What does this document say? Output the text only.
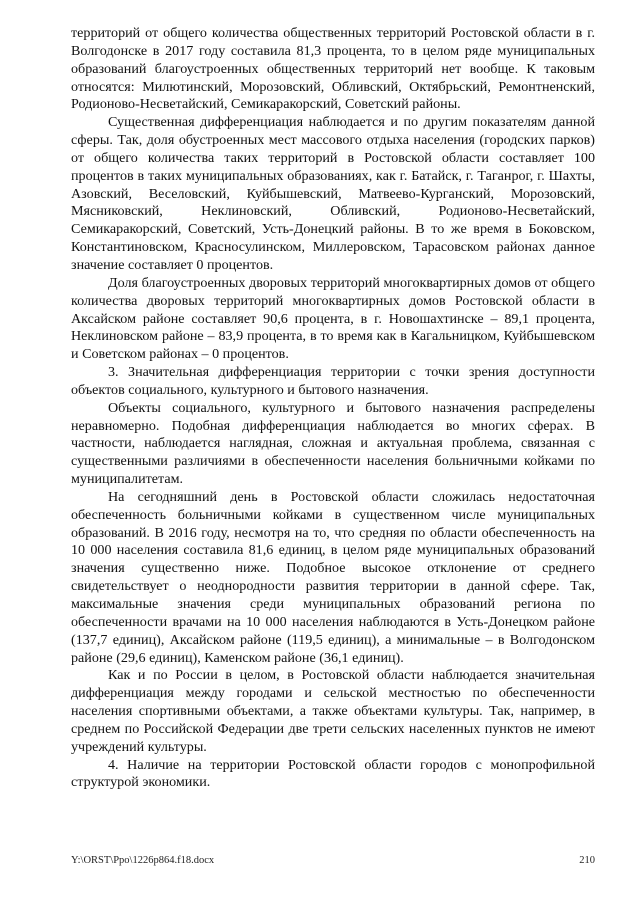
территорий от общего количества общественных территорий Ростовской области в г. Волгодонске в 2017 году составила 81,3 процента, то в целом ряде муниципальных образований благоустроенных общественных территорий нет вообще. К таковым относятся: Милютинский, Морозовский, Обливский, Октябрьский, Ремонтненский, Родионово-Несветайский, Семикаракорский, Советский районы.

Существенная дифференциация наблюдается и по другим показателям данной сферы. Так, доля обустроенных мест массового отдыха населения (городских парков) от общего количества таких территорий в Ростовской области составляет 100 процентов в таких муниципальных образованиях, как г. Батайск, г. Таганрог, г. Шахты, Азовский, Веселовский, Куйбышевский, Матвеево-Курганский, Морозовский, Мясниковский, Неклиновский, Обливский, Родионово-Несветайский, Семикаракорский, Советский, Усть-Донецкий районы. В то же время в Боковском, Константиновском, Красносулинском, Миллеровском, Тарасовском районах данное значение составляет 0 процентов.

Доля благоустроенных дворовых территорий многоквартирных домов от общего количества дворовых территорий многоквартирных домов Ростовской области в Аксайском районе составляет 90,6 процента, в г. Новошахтинске – 89,1 процента, Неклиновском районе – 83,9 процента, в то время как в Кагальницком, Куйбышевском и Советском районах – 0 процентов.

3. Значительная дифференциация территории с точки зрения доступности объектов социального, культурного и бытового назначения.

Объекты социального, культурного и бытового назначения распределены неравномерно. Подобная дифференциация наблюдается во многих сферах. В частности, наблюдается наглядная, сложная и актуальная проблема, связанная с существенными различиями в обеспеченности населения больничными койками по муниципалитетам.

На сегодняшний день в Ростовской области сложилась недостаточная обеспеченность больничными койками в существенном числе муниципальных образований. В 2016 году, несмотря на то, что средняя по области обеспеченность на 10 000 населения составила 81,6 единиц, в целом ряде муниципальных образований значения существенно ниже. Подобное высокое отклонение от среднего свидетельствует о неоднородности развития территории в данной сфере. Так, максимальные значения среди муниципальных образований региона по обеспеченности врачами на 10 000 населения наблюдаются в Усть-Донецком районе (137,7 единиц), Аксайском районе (119,5 единиц), а минимальные – в Волгодонском районе (29,6 единиц), Каменском районе (36,1 единиц).

Как и по России в целом, в Ростовской области наблюдается значительная дифференциация между городами и сельской местностью по обеспеченности населения спортивными объектами, а также объектами культуры. Так, например, в среднем по Российской Федерации две трети сельских населенных пунктов не имеют учреждений культуры.

4. Наличие на территории Ростовской области городов с монопрофильной структурой экономики.

Y:\ORST\Ppo\1226p864.f18.docx	210
